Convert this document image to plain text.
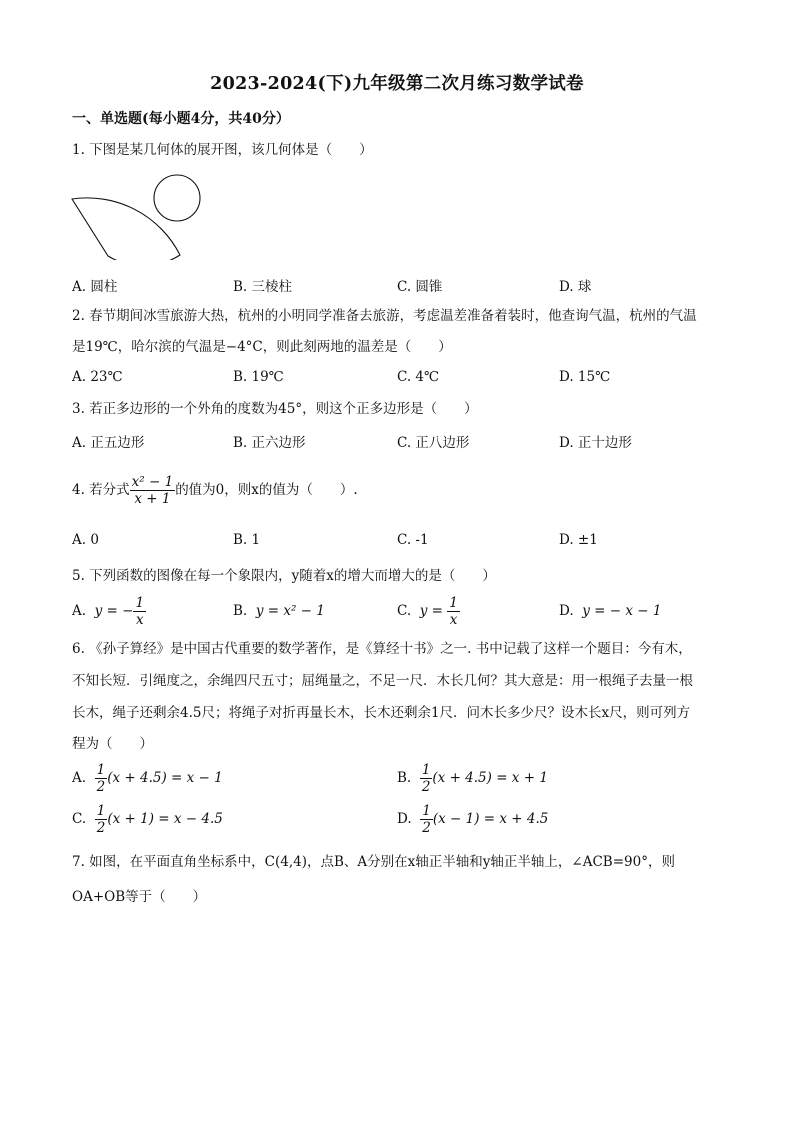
2023-2024(下)九年级第二次月练习数学试卷
一、单选题(每小题4分，共40分）
1. 下图是某几何体的展开图，该几何体是（　　）
A. 圆柱	B. 三棱柱	C. 圆锥	D. 球
2. 春节期间冰雪旅游大热，杭州的小明同学准备去旅游，考虑温差准备着装时，他查询气温，杭州的气温
是19℃，哈尔滨的气温是−4°C，则此刻两地的温差是（　　）
A. 23℃	B. 19℃	C. 4℃	D. 15℃
3. 若正多边形的一个外角的度数为45°，则这个正多边形是（　　）
A. 正五边形	B. 正六边形	C. 正八边形	D. 正十边形
4. 若分式 $\frac{\text{x² − 1}}{x + 1}$ 的值为0，则x的值为（　　）.
A. 0	B. 1	C. -1	D. ±1
5. 下列函数的图像在每一个象限内，y随着x的增大而增大的是（　　）
A. y = − $\frac{1}{x}$	B. y = x² − 1	C. $y = \frac{1}{x}$	D. y = − x − 1
6. 《孙子算经》是中国古代重要的数学著作，是《算经十书》之一. 书中记载了这样一个题目：今有木，
不知长短．引绳度之，余绳四尺五寸；屈绳量之，不足一尺．木长几何？其大意是：用一根绳子去量一根
长木，绳子还剩余4.5尺；将绳子对折再量长木，长木还剩余1尺．问木长多少尺？设木长x尺，则可列方
程为（　　）
A. $\frac{1}{2} (x + 4.5) = x - 1$	B. $\frac{1}{2} (x + 4.5) = x + 1$
C. $\frac{1}{2} (x + 1) = x - 4.5$	D. $\frac{1}{2} (x - 1) = x + 4.5$
7. 如图，在平面直角坐标系中，C(4,4)，点B、A分别在x轴正半轴和y轴正半轴上，∠ACB=90°，则
OA+OB等于（　　）
